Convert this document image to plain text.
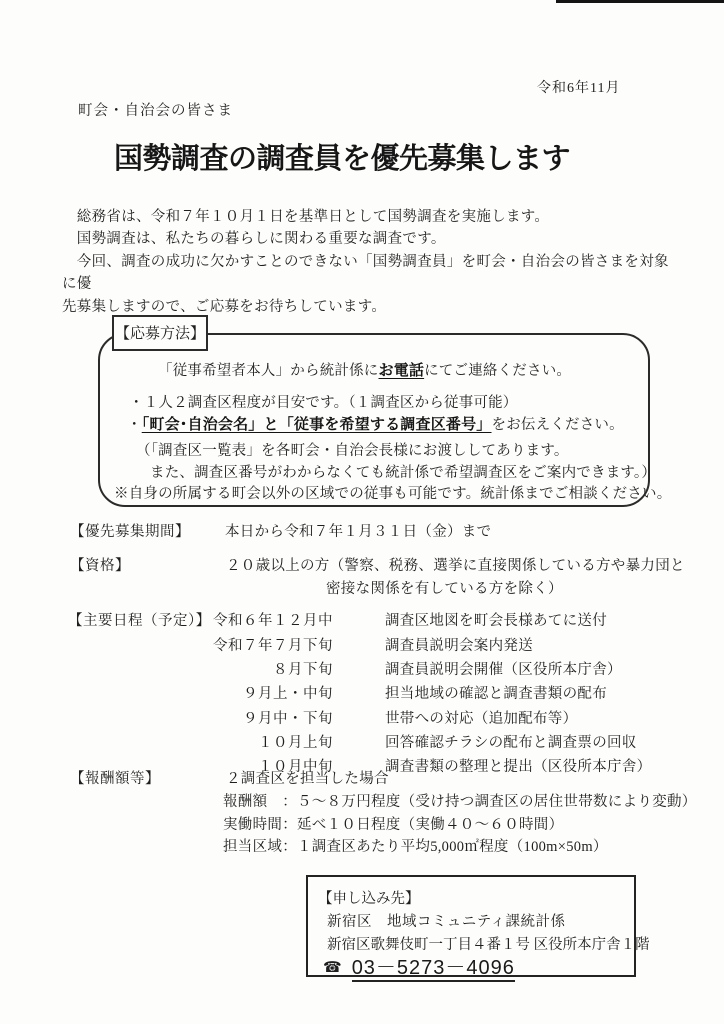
令和6年11月
町会・自治会の皆さま
国勢調査の調査員を優先募集します
　総務省は、令和７年１０月１日を基準日として国勢調査を実施します。
　国勢調査は、私たちの暮らしに関わる重要な調査です。
　今回、調査の成功に欠かすことのできない「国勢調査員」を町会・自治会の皆さまを対象に優
先募集しますので、ご応募をお待ちしています。
「従事希望者本人」から統計係にお電話にてご連絡ください。
・１人２調査区程度が目安です。（１調査区から従事可能）
・「町会･自治会名」と「従事を希望する調査区番号」をお伝えください。
（「調査区一覧表」を各町会・自治会長様にお渡ししてあります。
また、調査区番号がわからなくても統計係で希望調査区をご案内できます。）
※自身の所属する町会以外の区域での従事も可能です。統計係までご相談ください。
【応募方法】
【優先募集期間】 本日から令和７年１月３１日（金）まで
【資格】	２０歳以上の方（警察、税務、選挙に直接関係している方や暴力団と
密接な関係を有している方を除く）
【主要日程（予定）】 令和６年１２月中	調査区地図を町会長様あてに送付
令和７年７月下旬	調査員説明会案内発送
８月下旬	調査員説明会開催（区役所本庁舎）
９月上・中旬	担当地域の確認と調査書類の配布
９月中・下旬	世帯への対応（追加配布等）
１０月上旬	回答確認チラシの配布と調査票の回収
１０月中旬	調査書類の整理と提出（区役所本庁舎）
【報酬額等】	２調査区を担当した場合
報酬額　：５～８万円程度（受け持つ調査区の居住世帯数により変動）
実働時間：延べ１０日程度（実働４０～６０時間）
担当区域：１調査区あたり平均5,000㎡程度（100m×50m）
【申し込み先】
新宿区　地域コミュニティ課統計係
新宿区歌舞伎町一丁目４番１号 区役所本庁舎１階
☎ 03－5273－4096
